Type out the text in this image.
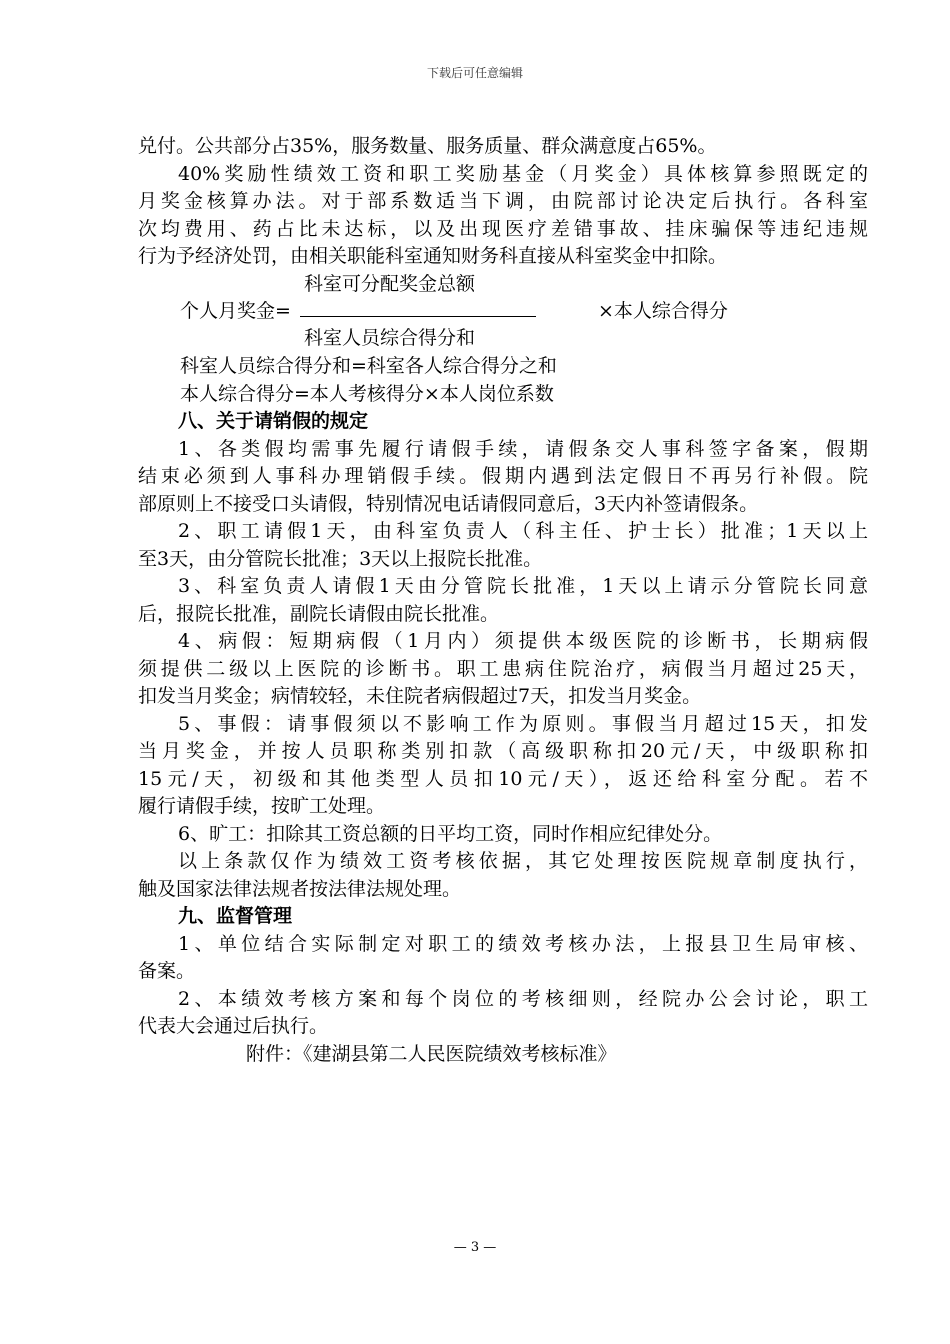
下载后可任意编辑
兑付。公共部分占35%，服务数量、服务质量、群众满意度占65%。
40%奖励性绩效工资和职工奖励基金（月奖金）具体核算参照既定的
月奖金核算办法。对于部系数适当下调，由院部讨论决定后执行。各科室
次均费用、药占比未达标，以及出现医疗差错事故、挂床骗保等违纪违规
行为予经济处罚，由相关职能科室通知财务科直接从科室奖金中扣除。
科室可分配奖金总额
个人月奖金=	×本人综合得分
科室人员综合得分和
科室人员综合得分和=科室各人综合得分之和
本人综合得分=本人考核得分×本人岗位系数
八、关于请销假的规定
1、各类假均需事先履行请假手续，请假条交人事科签字备案，假期
结束必须到人事科办理销假手续。假期内遇到法定假日不再另行补假。院
部原则上不接受口头请假，特别情况电话请假同意后，3天内补签请假条。
2、职工请假1天，由科室负责人（科主任、护士长）批准；1天以上
至3天，由分管院长批准；3天以上报院长批准。
3、科室负责人请假1天由分管院长批准，1天以上请示分管院长同意
后，报院长批准，副院长请假由院长批准。
4、病假：短期病假（1月内）须提供本级医院的诊断书，长期病假
须提供二级以上医院的诊断书。职工患病住院治疗，病假当月超过25天，
扣发当月奖金；病情较轻，未住院者病假超过7天，扣发当月奖金。
5、事假：请事假须以不影响工作为原则。事假当月超过15天，扣发
当月奖金，并按人员职称类别扣款（高级职称扣20元/天，中级职称扣
15元/天，初级和其他类型人员扣10元/天），返还给科室分配。若不
履行请假手续，按旷工处理。
6、旷工：扣除其工资总额的日平均工资，同时作相应纪律处分。
以上条款仅作为绩效工资考核依据，其它处理按医院规章制度执行，
触及国家法律法规者按法律法规处理。
九、监督管理
1、单位结合实际制定对职工的绩效考核办法，上报县卫生局审核、
备案。
2、本绩效考核方案和每个岗位的考核细则，经院办公会讨论，职工
代表大会通过后执行。
附件：《建湖县第二人民医院绩效考核标准》
— 3 —
